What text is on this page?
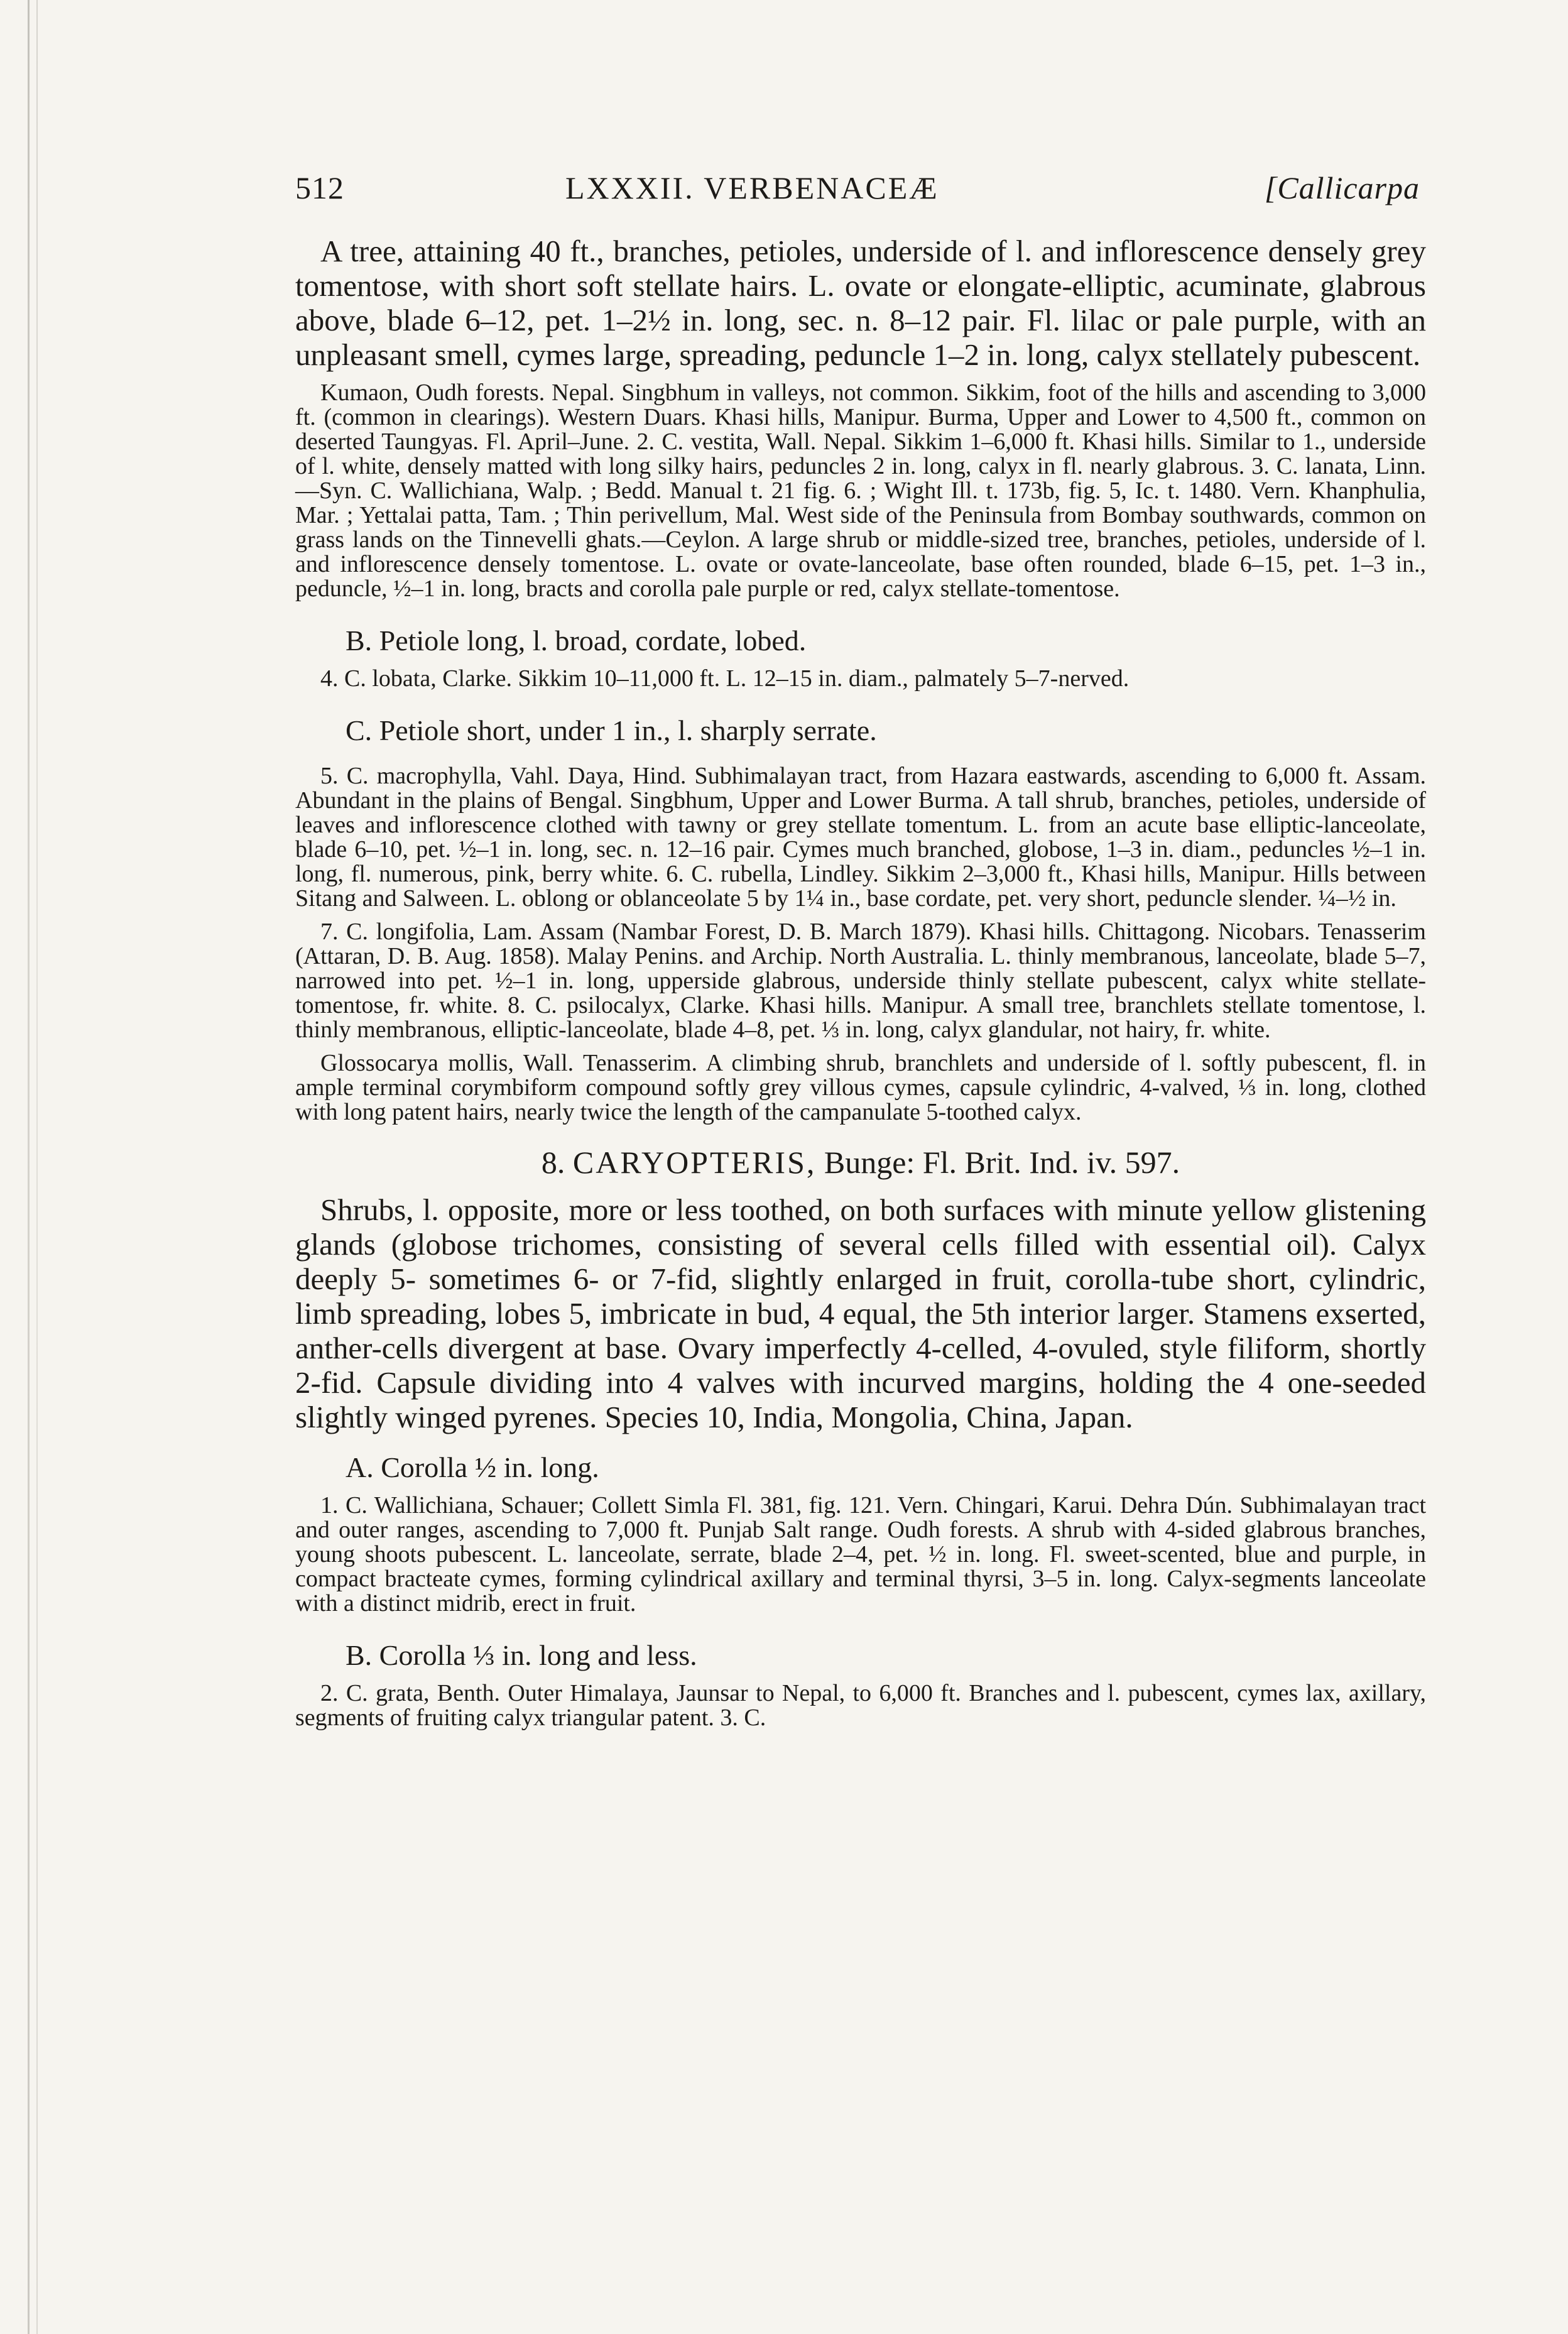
512	LXXXII. VERBENACEÆ	[Callicarpa

A tree, attaining 40 ft., branches, petioles, underside of l. and inflorescence densely grey tomentose, with short soft stellate hairs. L. ovate or elongate-elliptic, acuminate, glabrous above, blade 6–12, pet. 1–2½ in. long, sec. n. 8–12 pair. Fl. lilac or pale purple, with an unpleasant smell, cymes large, spreading, peduncle 1–2 in. long, calyx stellately pubescent.

Kumaon, Oudh forests. Nepal. Singbhum in valleys, not common. Sikkim, foot of the hills and ascending to 3,000 ft. (common in clearings). Western Duars. Khasi hills, Manipur. Burma, Upper and Lower to 4,500 ft., common on deserted Taungyas. Fl. April–June. 2. C. vestita, Wall. Nepal. Sikkim 1–6,000 ft. Khasi hills. Similar to 1., underside of l. white, densely matted with long silky hairs, peduncles 2 in. long, calyx in fl. nearly glabrous. 3. C. lanata, Linn.—Syn. C. Wallichiana, Walp. ; Bedd. Manual t. 21 fig. 6. ; Wight Ill. t. 173b, fig. 5, Ic. t. 1480. Vern. Khanphulia, Mar. ; Yettalai patta, Tam. ; Thin perivellum, Mal. West side of the Peninsula from Bombay southwards, common on grass lands on the Tinnevelli ghats.—Ceylon. A large shrub or middle-sized tree, branches, petioles, underside of l. and inflorescence densely tomentose. L. ovate or ovate-lanceolate, base often rounded, blade 6–15, pet. 1–3 in., peduncle, ½–1 in. long, bracts and corolla pale purple or red, calyx stellate-tomentose.

B. Petiole long, l. broad, cordate, lobed.

4. C. lobata, Clarke. Sikkim 10–11,000 ft. L. 12–15 in. diam., palmately 5–7-nerved.

C. Petiole short, under 1 in., l. sharply serrate.

5. C. macrophylla, Vahl. Daya, Hind. Subhimalayan tract, from Hazara eastwards, ascending to 6,000 ft. Assam. Abundant in the plains of Bengal. Singbhum, Upper and Lower Burma. A tall shrub, branches, petioles, underside of leaves and inflorescence clothed with tawny or grey stellate tomentum. L. from an acute base elliptic-lanceolate, blade 6–10, pet. ½–1 in. long, sec. n. 12–16 pair. Cymes much branched, globose, 1–3 in. diam., peduncles ½–1 in. long, fl. numerous, pink, berry white. 6. C. rubella, Lindley. Sikkim 2–3,000 ft., Khasi hills, Manipur. Hills between Sitang and Salween. L. oblong or oblanceolate 5 by 1¼ in., base cordate, pet. very short, peduncle slender. ¼–½ in.

7. C. longifolia, Lam. Assam (Nambar Forest, D. B. March 1879). Khasi hills. Chittagong. Nicobars. Tenasserim (Attaran, D. B. Aug. 1858). Malay Penins. and Archip. North Australia. L. thinly membranous, lanceolate, blade 5–7, narrowed into pet. ½–1 in. long, upperside glabrous, underside thinly stellate pubescent, calyx white stellate-tomentose, fr. white. 8. C. psilocalyx, Clarke. Khasi hills. Manipur. A small tree, branchlets stellate tomentose, l. thinly membranous, elliptic-lanceolate, blade 4–8, pet. ⅓ in. long, calyx glandular, not hairy, fr. white.

Glossocarya mollis, Wall. Tenasserim. A climbing shrub, branchlets and underside of l. softly pubescent, fl. in ample terminal corymbiform compound softly grey villous cymes, capsule cylindric, 4-valved, ⅓ in. long, clothed with long patent hairs, nearly twice the length of the campanulate 5-toothed calyx.

8. CARYOPTERIS, Bunge: Fl. Brit. Ind. iv. 597.

Shrubs, l. opposite, more or less toothed, on both surfaces with minute yellow glistening glands (globose trichomes, consisting of several cells filled with essential oil). Calyx deeply 5- sometimes 6- or 7-fid, slightly enlarged in fruit, corolla-tube short, cylindric, limb spreading, lobes 5, imbricate in bud, 4 equal, the 5th interior larger. Stamens exserted, anther-cells divergent at base. Ovary imperfectly 4-celled, 4-ovuled, style filiform, shortly 2-fid. Capsule dividing into 4 valves with incurved margins, holding the 4 one-seeded slightly winged pyrenes. Species 10, India, Mongolia, China, Japan.

A. Corolla ½ in. long.

1. C. Wallichiana, Schauer; Collett Simla Fl. 381, fig. 121. Vern. Chingari, Karui. Dehra Dún. Subhimalayan tract and outer ranges, ascending to 7,000 ft. Punjab Salt range. Oudh forests. A shrub with 4-sided glabrous branches, young shoots pubescent. L. lanceolate, serrate, blade 2–4, pet. ½ in. long. Fl. sweet-scented, blue and purple, in compact bracteate cymes, forming cylindrical axillary and terminal thyrsi, 3–5 in. long. Calyx-segments lanceolate with a distinct midrib, erect in fruit.

B. Corolla ⅓ in. long and less.

2. C. grata, Benth. Outer Himalaya, Jaunsar to Nepal, to 6,000 ft. Branches and l. pubescent, cymes lax, axillary, segments of fruiting calyx triangular patent. 3. C.
